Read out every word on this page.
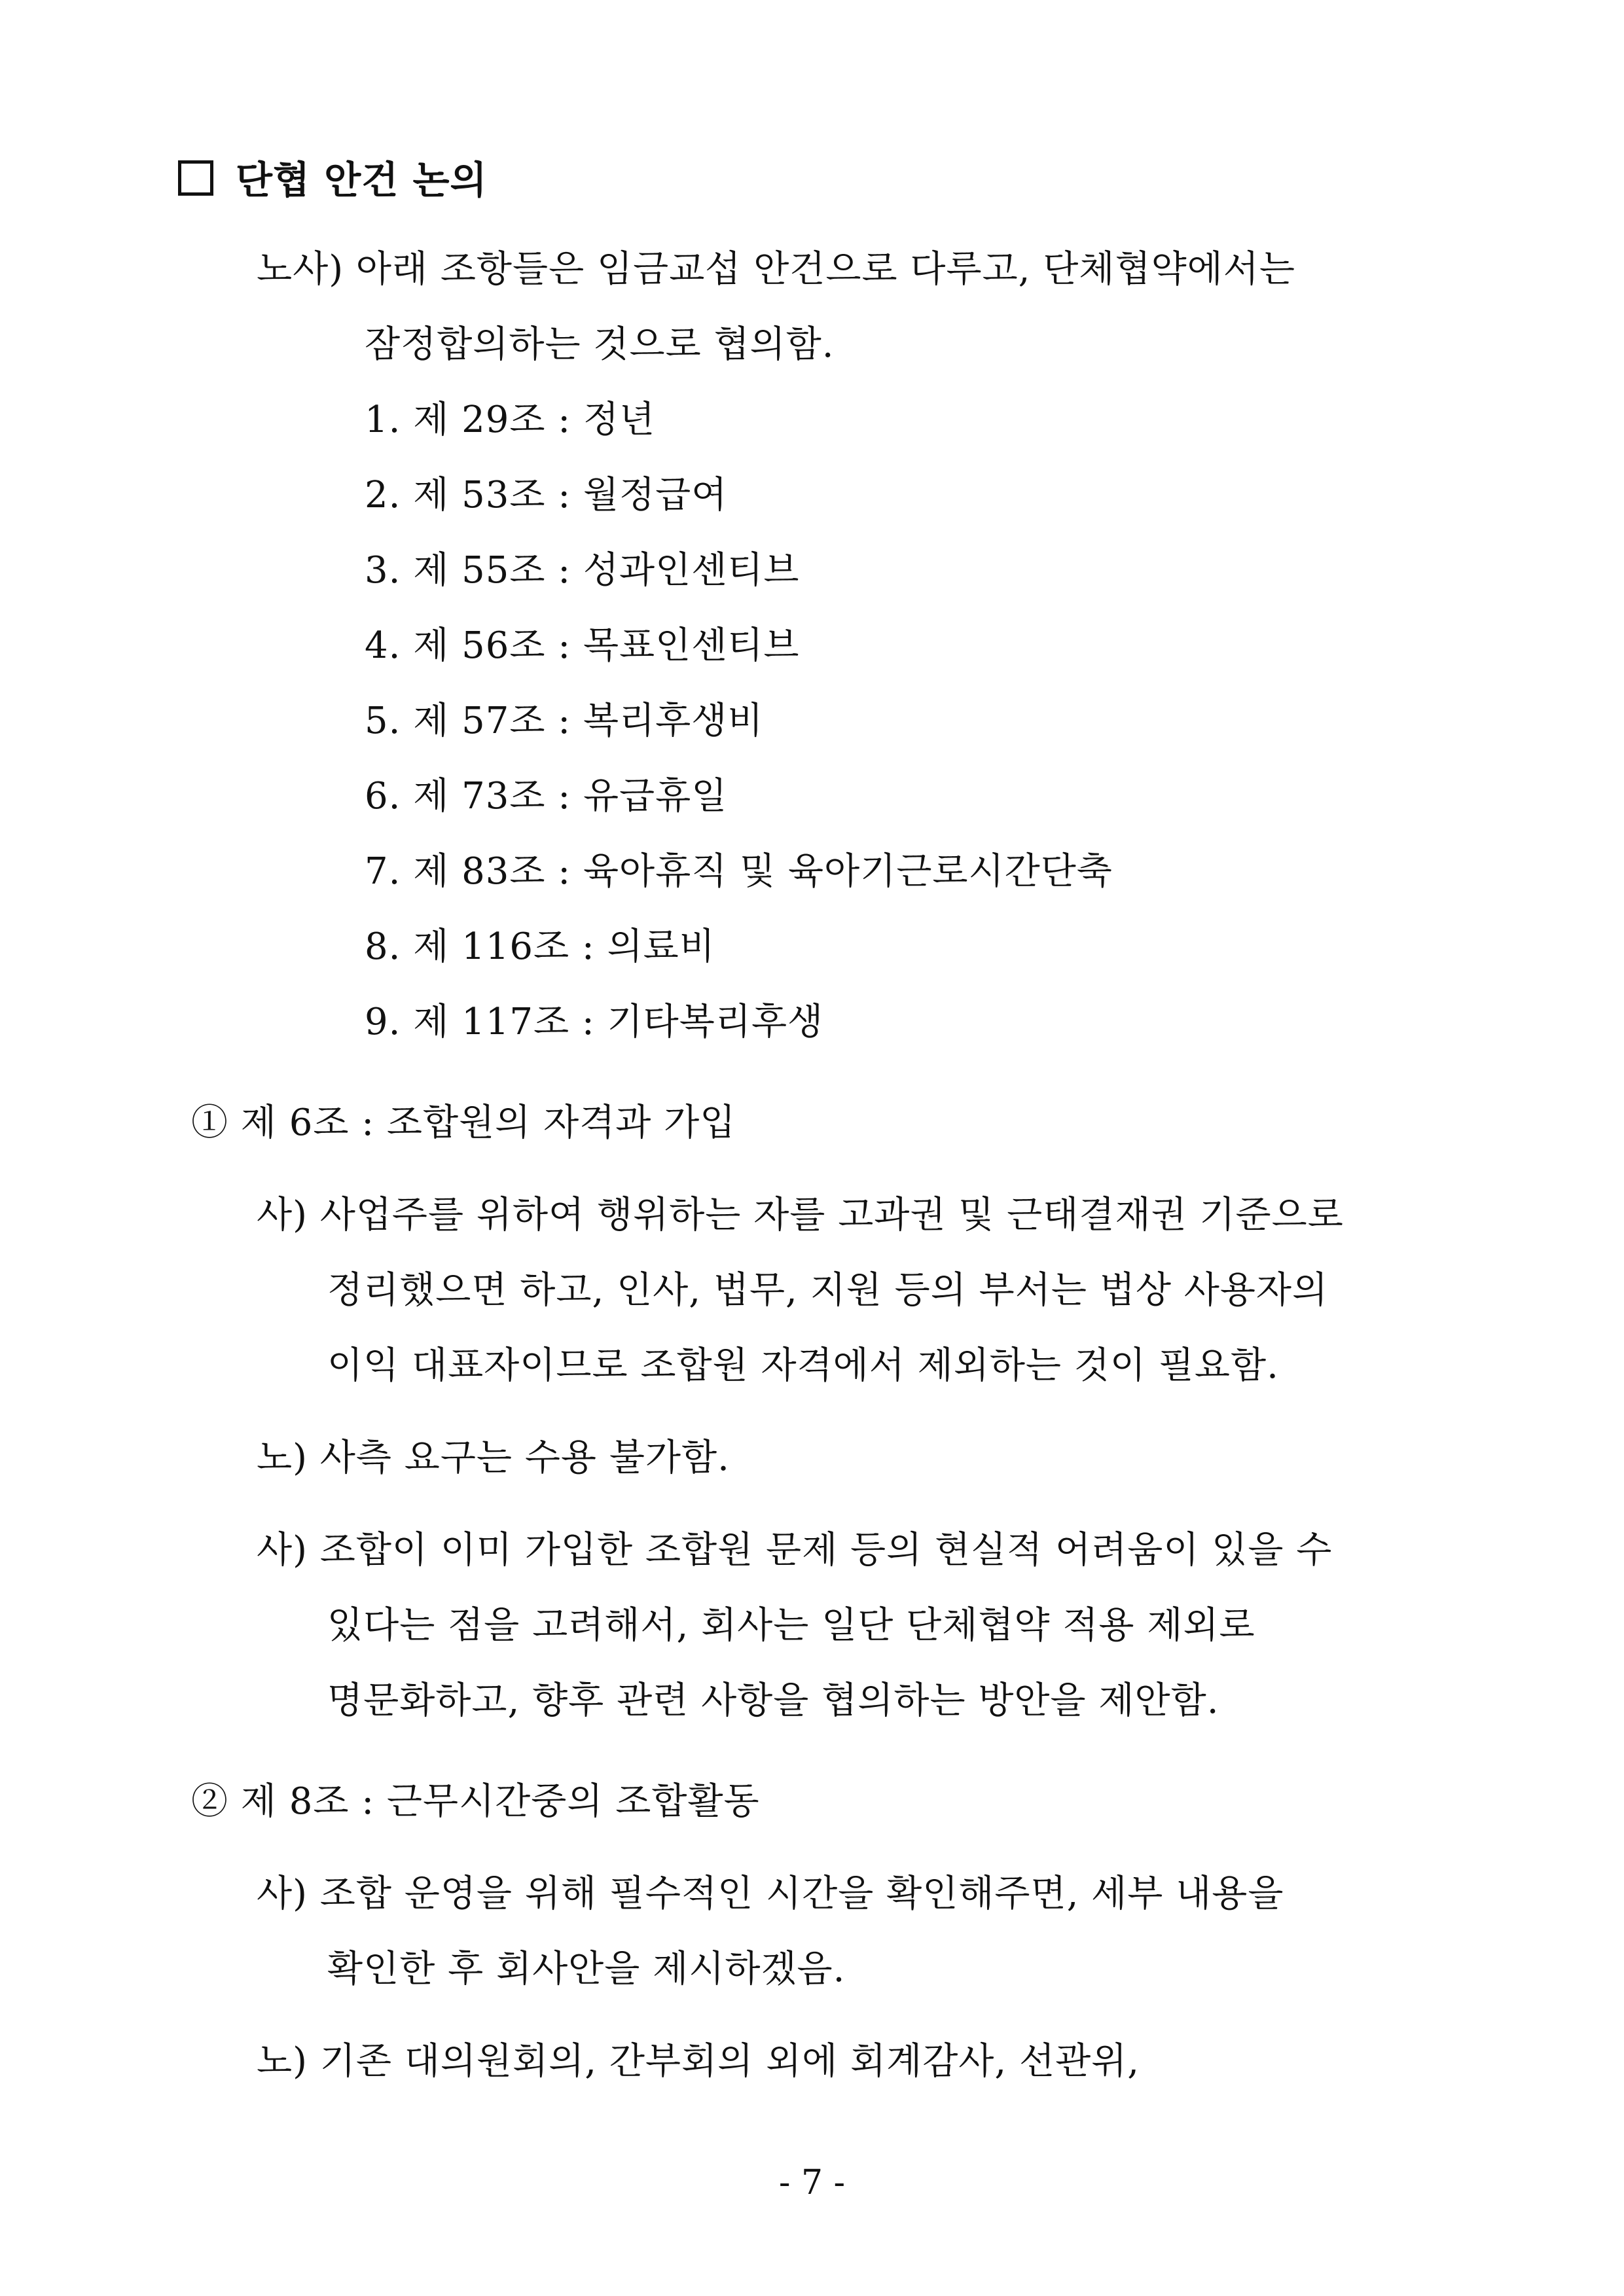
단협 안건 논의
노사) 아래 조항들은 임금교섭 안건으로 다루고, 단체협약에서는
잠정합의하는 것으로 협의함.
1. 제 29조 : 정년
2. 제 53조 : 월정급여
3. 제 55조 : 성과인센티브
4. 제 56조 : 목표인센티브
5. 제 57조 : 복리후생비
6. 제 73조 : 유급휴일
7. 제 83조 : 육아휴직 및 육아기근로시간단축
8. 제 116조 : 의료비
9. 제 117조 : 기타복리후생
① 제 6조 : 조합원의 자격과 가입
사) 사업주를 위하여 행위하는 자를 고과권 및 근태결재권 기준으로
정리했으면 하고, 인사, 법무, 지원 등의 부서는 법상 사용자의
이익 대표자이므로 조합원 자격에서 제외하는 것이 필요함.
노) 사측 요구는 수용 불가함.
사) 조합이 이미 가입한 조합원 문제 등의 현실적 어려움이 있을 수
있다는 점을 고려해서, 회사는 일단 단체협약 적용 제외로
명문화하고, 향후 관련 사항을 협의하는 방안을 제안함.
② 제 8조 : 근무시간중의 조합활동
사) 조합 운영을 위해 필수적인 시간을 확인해주면, 세부 내용을
확인한 후 회사안을 제시하겠음.
노) 기존 대의원회의, 간부회의 외에 회계감사, 선관위,
- 7 -
